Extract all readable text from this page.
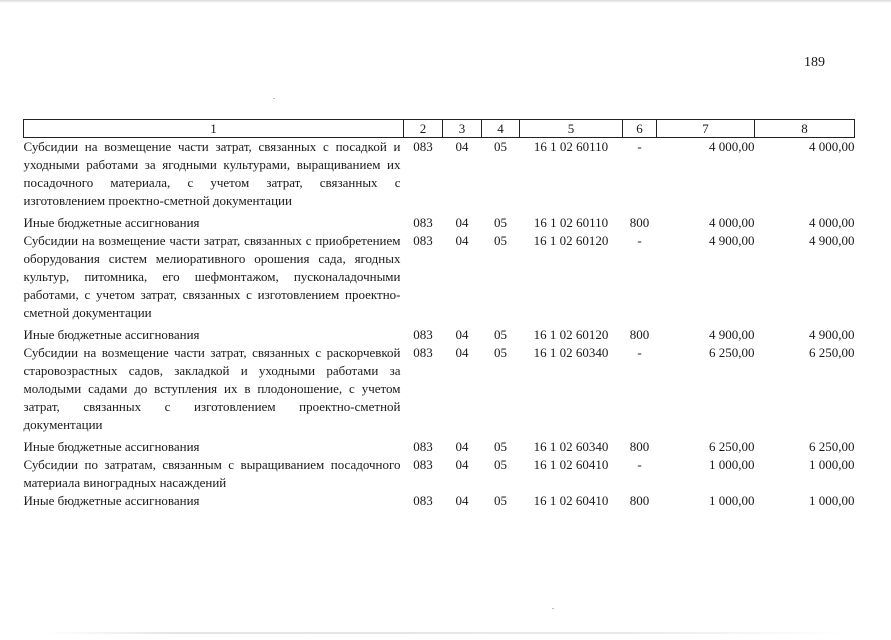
189
1	2	3	4	5	6	7	8
Субсидии на возмещение части затрат, связанных с посадкой и уходными работами за ягодными культурами, выращиванием их посадочного материала, с учетом затрат, связанных с изготовлением проектно-сметной документации	083	04	05	16 1 02 60110	-	4 000,00	4 000,00
Иные бюджетные ассигнования	083	04	05	16 1 02 60110	800	4 000,00	4 000,00
Субсидии на возмещение части затрат, связанных с приобретением оборудования систем мелиоративного орошения сада, ягодных культур, питомника, его шефмонтажом, пусконаладочными работами, с учетом затрат, связанных с изготовлением проектно-сметной документации	083	04	05	16 1 02 60120	-	4 900,00	4 900,00
Иные бюджетные ассигнования	083	04	05	16 1 02 60120	800	4 900,00	4 900,00
Субсидии на возмещение части затрат, связанных с раскорчевкой старовозрастных садов, закладкой и уходными работами за молодыми садами до вступления их в плодоношение, с учетом затрат, связанных с изготовлением проектно-сметной документации	083	04	05	16 1 02 60340	-	6 250,00	6 250,00
Иные бюджетные ассигнования	083	04	05	16 1 02 60340	800	6 250,00	6 250,00
Субсидии по затратам, связанным с выращиванием посадочного материала виноградных насаждений	083	04	05	16 1 02 60410	-	1 000,00	1 000,00
Иные бюджетные ассигнования	083	04	05	16 1 02 60410	800	1 000,00	1 000,00
